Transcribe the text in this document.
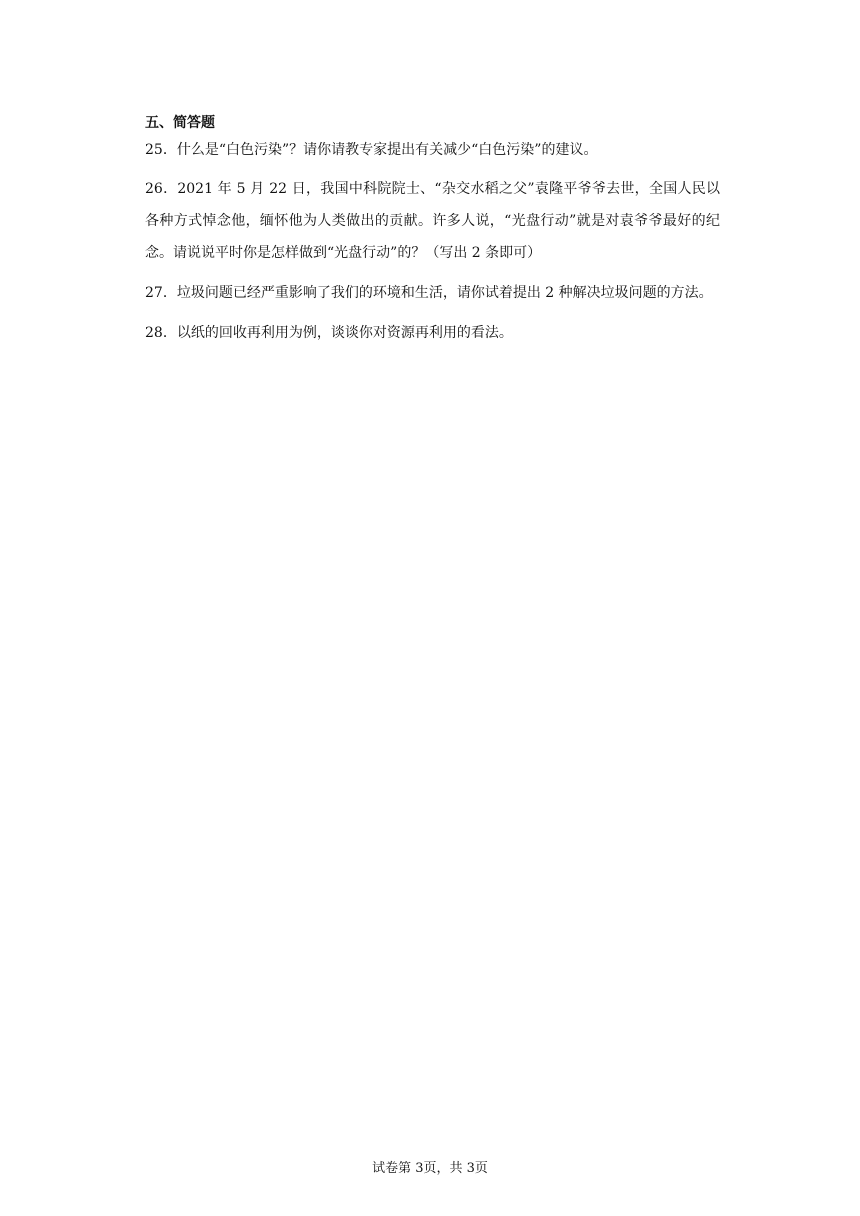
五、简答题
25．什么是“白色污染”？请你请教专家提出有关减少“白色污染”的建议。
26．2021 年 5 月 22 日，我国中科院院士、“杂交水稻之父”袁隆平爷爷去世，全国人民以各种方式悼念他，缅怀他为人类做出的贡献。许多人说，“光盘行动”就是对袁爷爷最好的纪念。请说说平时你是怎样做到“光盘行动”的？（写出 2 条即可）
27．垃圾问题已经严重影响了我们的环境和生活，请你试着提出 2 种解决垃圾问题的方法。
28．以纸的回收再利用为例，谈谈你对资源再利用的看法。
试卷第 3页，共 3页
